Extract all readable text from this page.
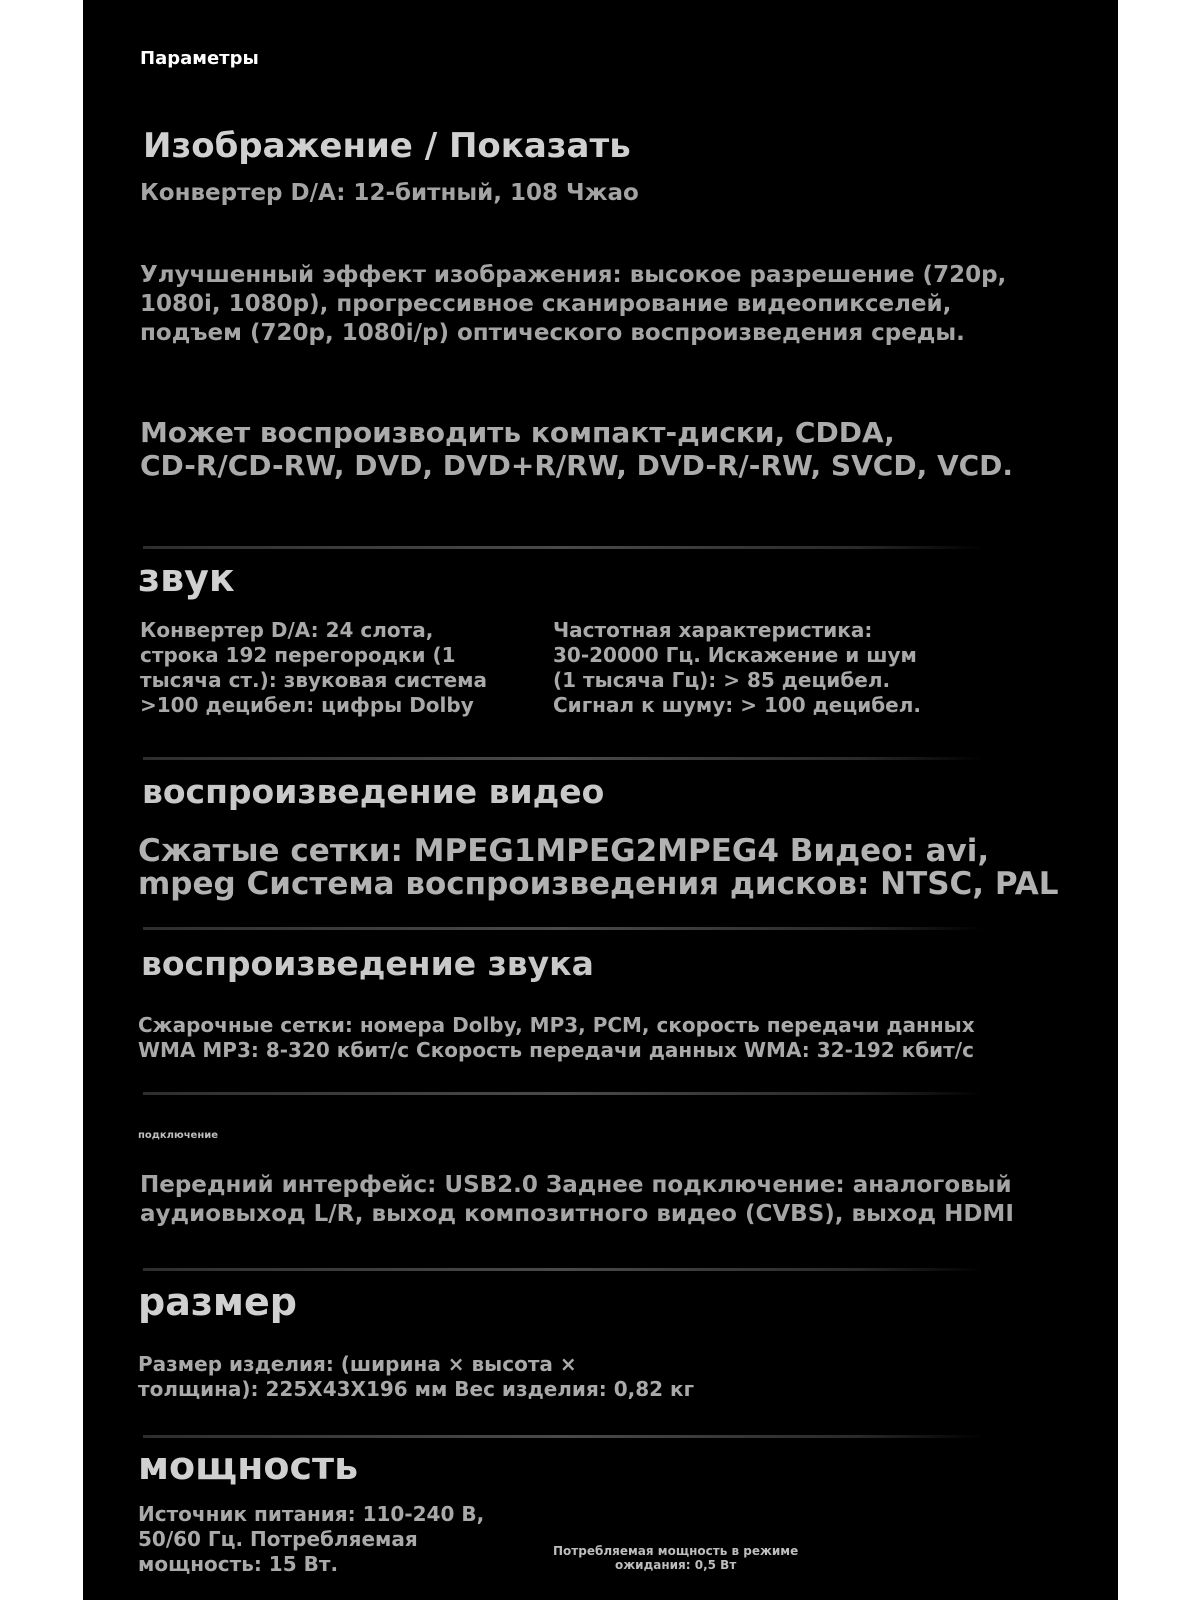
Параметры
Изображение / Показать

Конвертер D/A: 12-битный, 108 Чжао

Улучшенный эффект изображения: высокое разрешение (720p,
1080i, 1080p), прогрессивное сканирование видеопикселей,
подъем (720p, 1080i/p) оптического воспроизведения среды.
Может воспроизводить компакт-диски, CDDA,
CD-R/CD-RW, DVD, DVD+R/RW, DVD-R/-RW, SVCD, VCD.
звук
Конвертер D/A: 24 слота,
строка 192 перегородки (1
тысяча ст.): звуковая система
>100 децибел: цифры Dolby
Частотная характеристика:
30-20000 Гц. Искажение и шум
(1 тысяча Гц): > 85 децибел.
Сигнал к шуму: > 100 децибел.
воспроизведение видео
Сжатые сетки: MPEG1MPEG2MPEG4 Видео: avi,
mpeg Система воспроизведения дисков: NTSC, PAL
воспроизведение звука
Сжарочные сетки: номера Dolby, MP3, PCM, скорость передачи данных
WMA MP3: 8-320 кбит/с Скорость передачи данных WMA: 32-192 кбит/с

подключение

Передний интерфейс: USB2.0 Заднее подключение: аналоговый
аудиовыход L/R, выход композитного видео (CVBS), выход HDMI
размер
Размер изделия: (ширина × высота ×
толщина): 225X43X196 мм Вес изделия: 0,82 кг
мощность
Источник питания: 110-240 В,
50/60 Гц. Потребляемая
мощность: 15 Вт.
Потребляемая мощность в режиме
ожидания: 0,5 Вт
